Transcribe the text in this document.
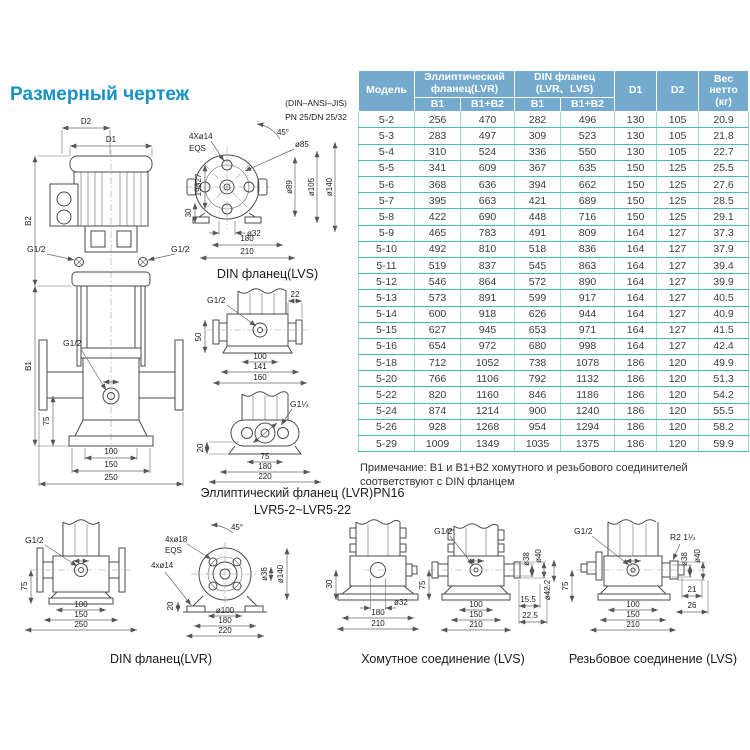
Размерный чертеж
D2
D1
G1/2	G1/2
G1/2
B2
B1
75
100
150
250
(DIN–ANSI–JIS)
PN 25/DN 25/32
45°
4Xø14
EQS	ø85
ø89 ø105 ø140
19ø27
30
ø32
180
210
DIN фланец(LVS)
G1/2
22
50
100
141
160
G1¼
20
75
180
220
Эллиптический фланец (LVR)PN16
LVR5-2~LVR5-22
G1/2
75
100
150
250
45°
4xø18
EQS
4xø14
20	ø100
180
220
ø36 ø140
DIN фланец(LVR)
30
ø32
180
210
G1/2
75
100
150
210
ø38 ø40
ø42.2
15.5
22.5
Хомутное соединение (LVS)
G1/2
R2 1¼
75
ø38 ø40
21
26
100
150
210
Резьбовое соединение (LVS)
Модель	Эллиптический фланец(LVR)		DIN фланец (LVR、LVS)		D1	D2	Вес нетто (кг)
	B1	B1+B2	B1	B1+B2			
5-2	256	470	282	496	130	105	20.9
5-3	283	497	309	523	130	105	21.8
5-4	310	524	336	550	130	105	22.7
5-5	341	609	367	635	150	125	25.5
5-6	368	636	394	662	150	125	27.6
5-7	395	663	421	689	150	125	28.5
5-8	422	690	448	716	150	125	29.1
5-9	465	783	491	809	164	127	37.3
5-10	492	810	518	836	164	127	37.9
5-11	519	837	545	863	164	127	39.4
5-12	546	864	572	890	164	127	39.9
5-13	573	891	599	917	164	127	40.5
5-14	600	918	626	944	164	127	40.9
5-15	627	945	653	971	164	127	41.5
5-16	654	972	680	998	164	127	42.4
5-18	712	1052	738	1078	186	120	49.9
5-20	766	1106	792	1132	186	120	51.3
5-22	820	1160	846	1186	186	120	54.2
5-24	874	1214	900	1240	186	120	55.5
5-26	928	1268	954	1294	186	120	58.2
5-29	1009	1349	1035	1375	186	120	59.9
Примечание: B1 и B1+B2 хомутного и резьбового соединителей соответствуют с DIN фланцем
